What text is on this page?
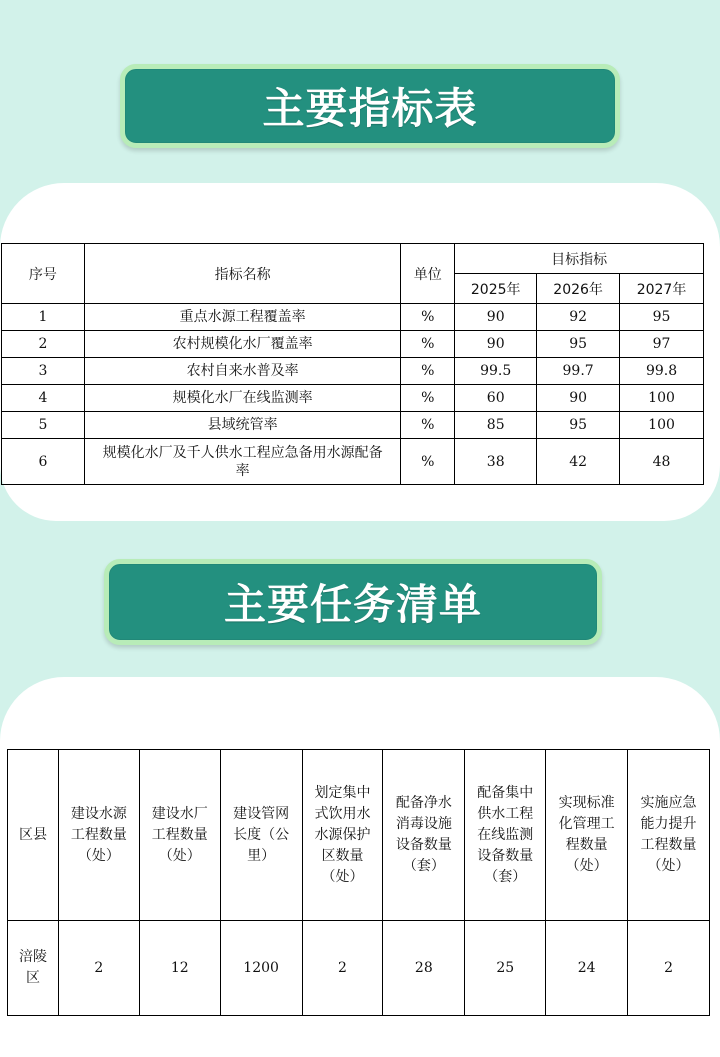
主要指标表
序号	指标名称	单位	目标指标		
			2025年	2026年	2027年
1	重点水源工程覆盖率	%	90	92	95
2	农村规模化水厂覆盖率	%	90	95	97
3	农村自来水普及率	%	99.5	99.7	99.8
4	规模化水厂在线监测率	%	60	90	100
5	县域统管率	%	85	95	100
6	规模化水厂及千人供水工程应急备用水源配备率	%	38	42	48
主要任务清单
区县	建设水源工程数量（处）	建设水厂工程数量（处）	建设管网长度（公里）	划定集中式饮用水水源保护区数量（处）	配备净水消毒设施设备数量（套）	配备集中供水工程在线监测设备数量（套）	实现标准化管理工程数量（处）	实施应急能力提升工程数量（处）
涪陵区	2	12	1200	2	28	25	24	2
